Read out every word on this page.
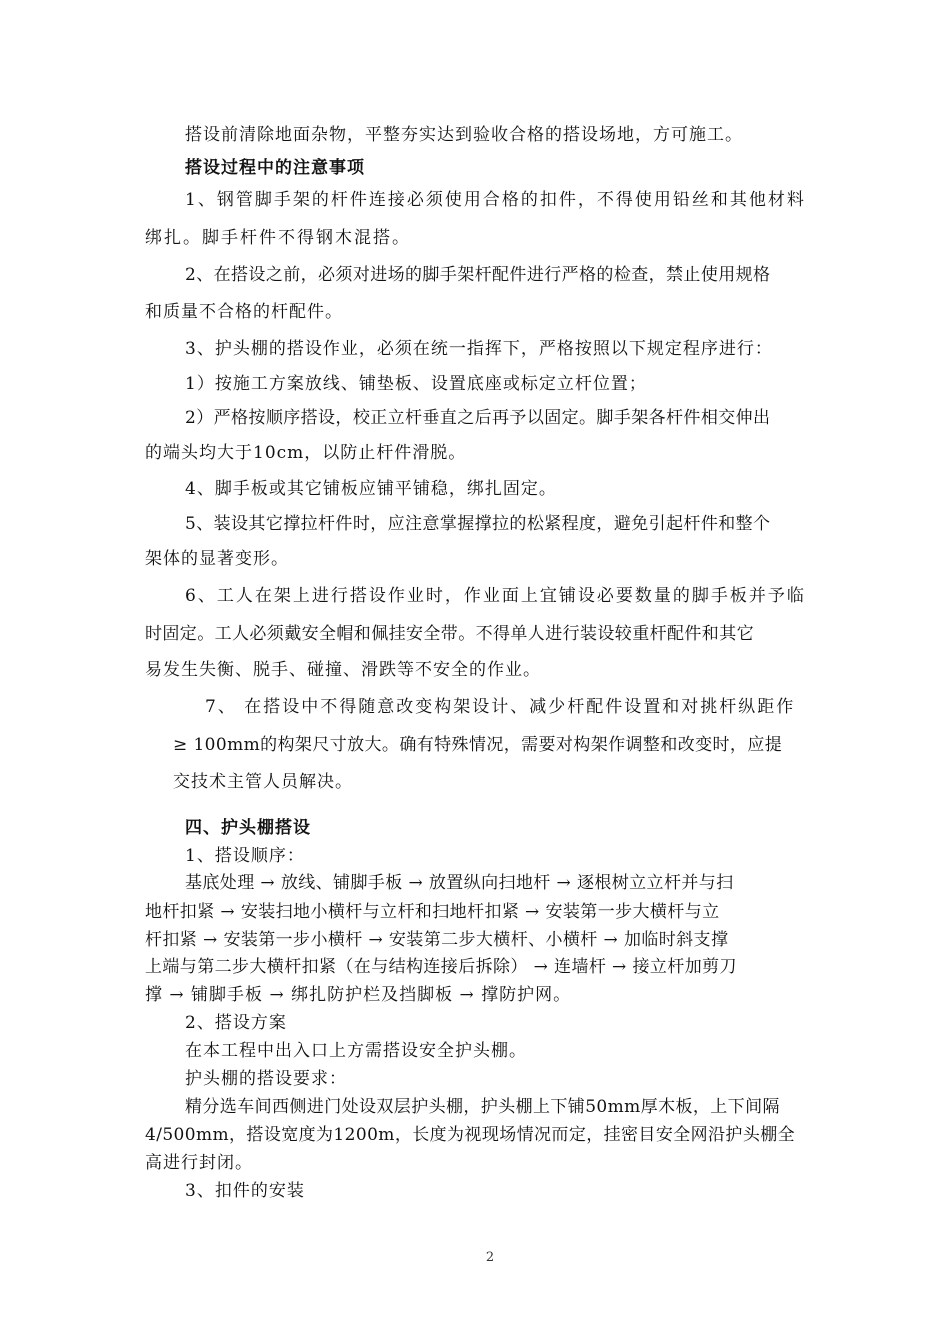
搭设前清除地面杂物，平整夯实达到验收合格的搭设场地，方可施工。
搭设过程中的注意事项
1、钢管脚手架的杆件连接必须使用合格的扣件，不得使用铅丝和其他材料
绑扎。脚手杆件不得钢木混搭。
2、在搭设之前，必须对进场的脚手架杆配件进行严格的检查，禁止使用规格
和质量不合格的杆配件。
3、护头棚的搭设作业，必须在统一指挥下，严格按照以下规定程序进行：
1）按施工方案放线、铺垫板、设置底座或标定立杆位置；
2）严格按顺序搭设，校正立杆垂直之后再予以固定。脚手架各杆件相交伸出
的端头均大于10cm，以防止杆件滑脱。
4、脚手板或其它铺板应铺平铺稳，绑扎固定。
5、装设其它撑拉杆件时，应注意掌握撑拉的松紧程度，避免引起杆件和整个
架体的显著变形。
6、工人在架上进行搭设作业时，作业面上宜铺设必要数量的脚手板并予临
时固定。工人必须戴安全帽和佩挂安全带。不得单人进行装设较重杆配件和其它
易发生失衡、脱手、碰撞、滑跌等不安全的作业。
7、 在搭设中不得随意改变构架设计、减少杆配件设置和对挑杆纵距作
≥ 100mm的构架尺寸放大。确有特殊情况，需要对构架作调整和改变时，应提
交技术主管人员解决。
四、护头棚搭设
1、搭设顺序：
基底处理 → 放线、铺脚手板 → 放置纵向扫地杆 → 逐根树立立杆并与扫
地杆扣紧 → 安装扫地小横杆与立杆和扫地杆扣紧 → 安装第一步大横杆与立
杆扣紧 → 安装第一步小横杆 → 安装第二步大横杆、小横杆 → 加临时斜支撑
上端与第二步大横杆扣紧（在与结构连接后拆除） → 连墙杆 → 接立杆加剪刀
撑 → 铺脚手板 → 绑扎防护栏及挡脚板 → 撑防护网。
2、搭设方案
在本工程中出入口上方需搭设安全护头棚。
护头棚的搭设要求：
精分选车间西侧进门处设双层护头棚，护头棚上下铺50mm厚木板，上下间隔
4/500mm，搭设宽度为1200m，长度为视现场情况而定，挂密目安全网沿护头棚全
高进行封闭。
3、扣件的安装
2
